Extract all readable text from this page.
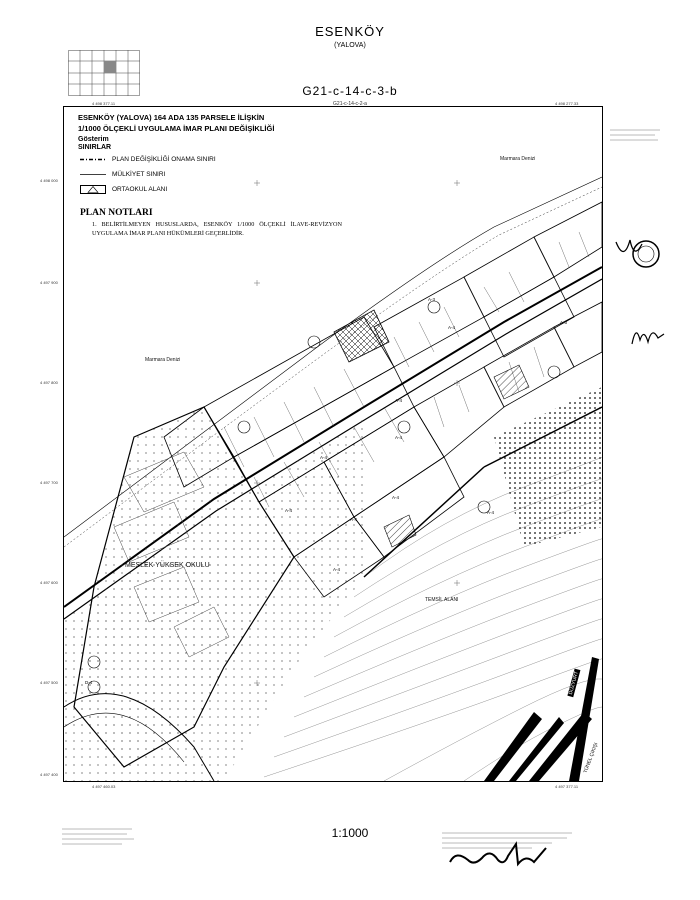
ESENKÖY
(YALOVA)
G21-c-14-c-3-b
G21-c-14-c-2-a
ESENKÖY (YALOVA) 164 ADA 135 PARSELE İLİŞKİN
1/1000 ÖLÇEKLİ UYGULAMA İMAR PLANI DEĞİŞİKLİĞİ
Gösterim
SINIRLAR
PLAN DEĞİŞİKLİĞİ ONAMA SINIRI
MÜLKİYET SINIRI
ORTAOKUL ALANI
PLAN NOTLARI
1. BELİRTİLMEYEN HUSUSLARDA, ESENKÖY 1/1000 ÖLÇEKLİ İLAVE-REVİZYON UYGULAMA İMAR PLANI HÜKÜMLERİ GEÇERLİDİR.
Marmara Denizi
Marmara Denizi
MESLEK YÜKSEK OKULU
TEMSİL ALANI
DÜZYURT
TÜNEL ÇIKIŞI
A-3
A-4
A-4
A-4
A-4
A-4
A-4
A-4
A-4
A-3
A-4
D-4
4 498 377.11	4 498 277.33
4 497 460.03	4 497 377.11
4 498 000
4 497 900
4 497 800
4 497 700
4 497 600
4 497 500
4 497 400
1:1000
